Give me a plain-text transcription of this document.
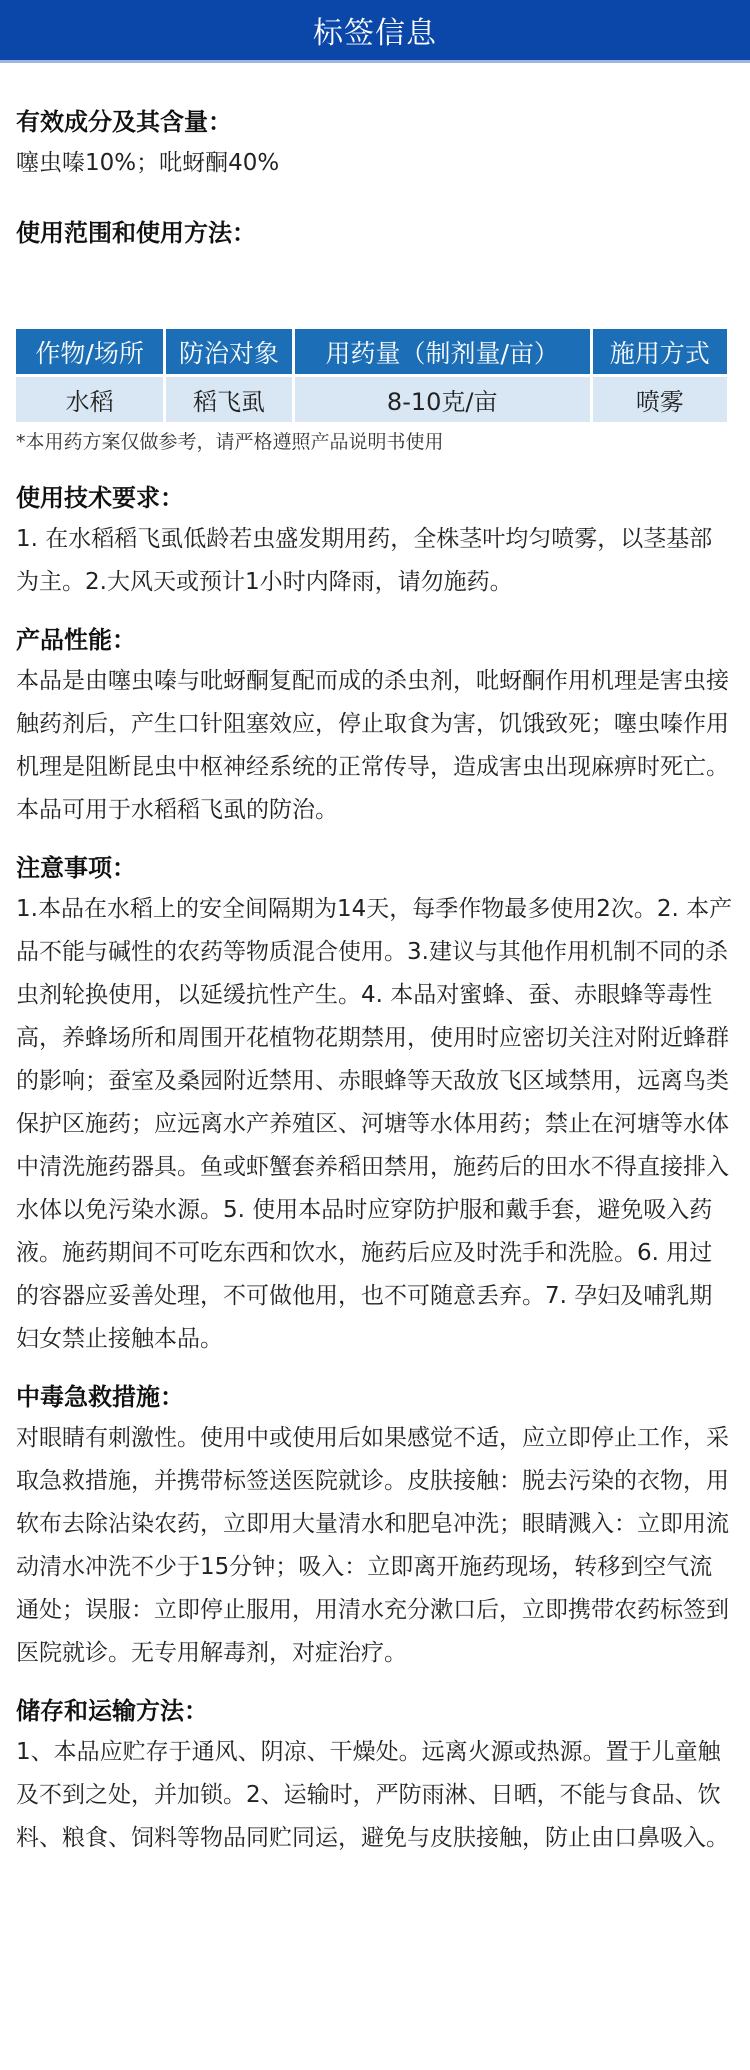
标签信息

有效成分及其含量：

噻虫嗪10%；吡蚜酮40%

使用范围和使用方法：

作物/场所	防治对象	用药量（制剂量/亩）	施用方式
水稻	稻飞虱	8-10克/亩	喷雾

*本用药方案仅做参考，请严格遵照产品说明书使用

使用技术要求：

1. 在水稻稻飞虱低龄若虫盛发期用药，全株茎叶均匀喷雾，以茎基部为主。2.大风天或预计1小时内降雨，请勿施药。

产品性能：

本品是由噻虫嗪与吡蚜酮复配而成的杀虫剂，吡蚜酮作用机理是害虫接触药剂后，产生口针阻塞效应，停止取食为害，饥饿致死；噻虫嗪作用机理是阻断昆虫中枢神经系统的正常传导，造成害虫出现麻痹时死亡。本品可用于水稻稻飞虱的防治。

注意事项：

1.本品在水稻上的安全间隔期为14天，每季作物最多使用2次。2. 本产品不能与碱性的农药等物质混合使用。3.建议与其他作用机制不同的杀虫剂轮换使用，以延缓抗性产生。4. 本品对蜜蜂、蚕、赤眼蜂等毒性高，养蜂场所和周围开花植物花期禁用，使用时应密切关注对附近蜂群的影响；蚕室及桑园附近禁用、赤眼蜂等天敌放飞区域禁用，远离鸟类保护区施药；应远离水产养殖区、河塘等水体用药；禁止在河塘等水体中清洗施药器具。鱼或虾蟹套养稻田禁用，施药后的田水不得直接排入水体以免污染水源。5. 使用本品时应穿防护服和戴手套，避免吸入药液。施药期间不可吃东西和饮水，施药后应及时洗手和洗脸。6. 用过的容器应妥善处理，不可做他用，也不可随意丢弃。7. 孕妇及哺乳期妇女禁止接触本品。

中毒急救措施：

对眼睛有刺激性。使用中或使用后如果感觉不适，应立即停止工作，采取急救措施，并携带标签送医院就诊。皮肤接触：脱去污染的衣物，用软布去除沾染农药，立即用大量清水和肥皂冲洗；眼睛溅入：立即用流动清水冲洗不少于15分钟；吸入：立即离开施药现场，转移到空气流通处；误服：立即停止服用，用清水充分漱口后，立即携带农药标签到医院就诊。无专用解毒剂，对症治疗。

储存和运输方法：

1、本品应贮存于通风、阴凉、干燥处。远离火源或热源。置于儿童触及不到之处，并加锁。2、运输时，严防雨淋、日晒，不能与食品、饮料、粮食、饲料等物品同贮同运，避免与皮肤接触，防止由口鼻吸入。
